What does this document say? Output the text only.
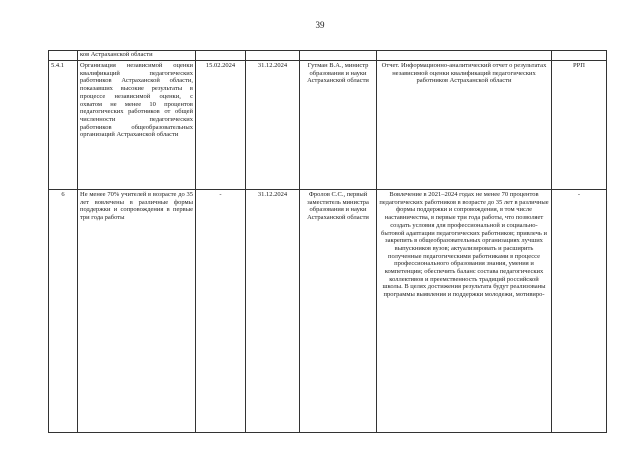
39
	ков Астраханской области					
5.4.1	Организация независимой оценки квалификаций педагогических работников Астраханской области, показавших высокие результаты в процессе независимой оценки, с охватом не менее 10 процентов педагогических работников от общей численности педагогических работников общеобразовательных организаций Астраханской области	15.02.2024	31.12.2024	Гутман В.А., министр образования и науки Астраханской области	Отчет. Информационно-аналитический отчет о результатах независимой оценки квалификаций педагогических работников Астраханской области	РРП
6	Не менее 70% учителей в возрасте до 35 лет вовлечены в различные формы поддержки и сопровождения в первые три года работы	-	31.12.2024	Фролов С.С., первый заместитель министра образования и науки Астраханской области	Вовлечение в 2021–2024 годах не менее 70 процентов педагогических работников в возрасте до 35 лет в различные формы поддержки и сопровождения, в том числе наставничества, в первые три года работы, что позволяет создать условия для профессиональной и социально-бытовой адаптации педагогических работников; привлечь и закрепить в общеобразовательных организациях лучших выпускников вузов; актуализировать и расширить полученные педагогическими работниками в процессе профессионального образования знания, умения и компетенции; обеспечить баланс состава педагогических коллективов и преемственность традиций российской школы. В целях достижения результата будут реализованы программы выявления и поддержки молодежи, мотивиро-	-
